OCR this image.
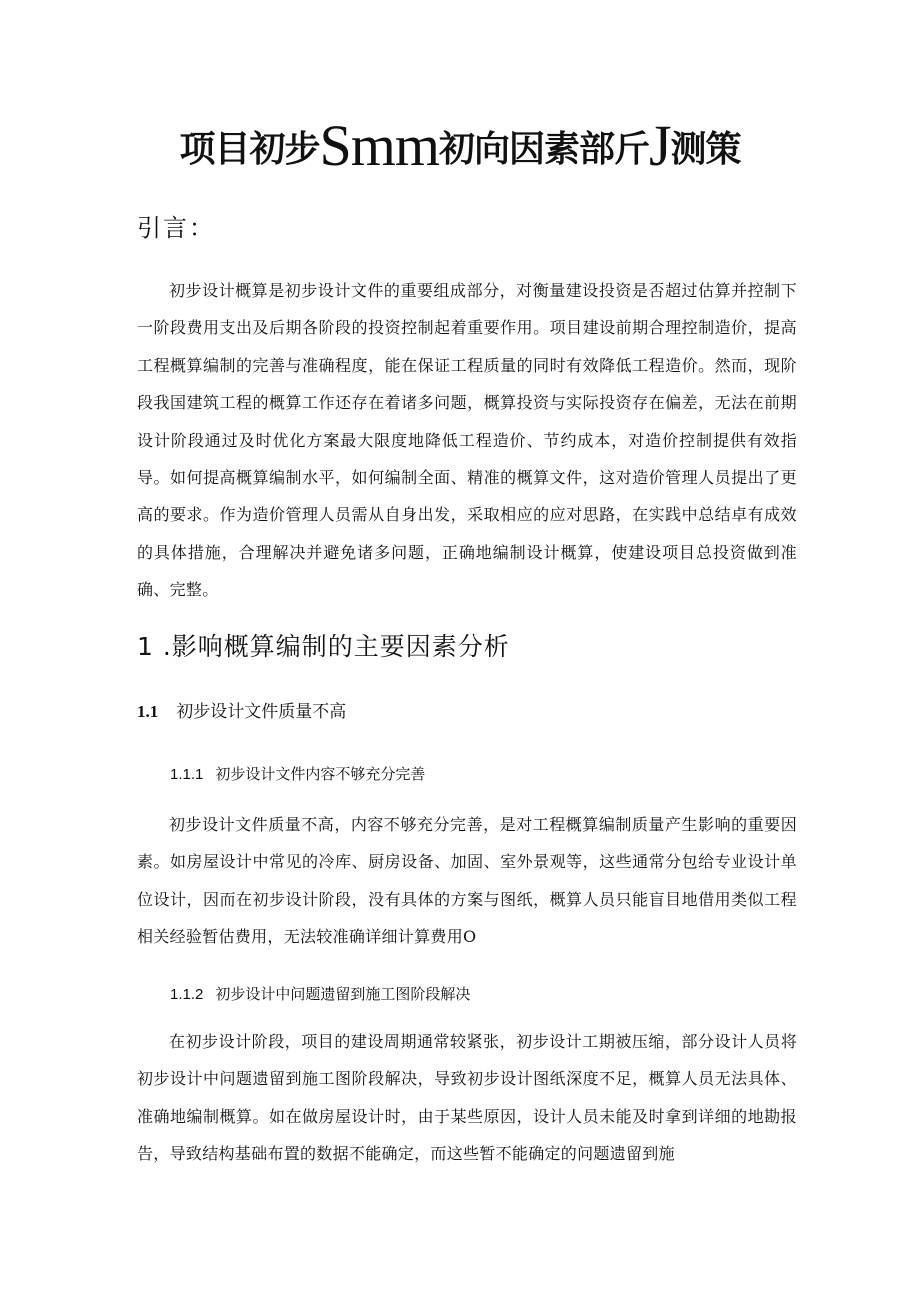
项目初步Smm初向因素部斤J测策
引言：

初步设计概算是初步设计文件的重要组成部分，对衡量建设投资是否超过估算并控制下一阶段费用支出及后期各阶段的投资控制起着重要作用。项目建设前期合理控制造价，提高工程概算编制的完善与准确程度，能在保证工程质量的同时有效降低工程造价。然而，现阶段我国建筑工程的概算工作还存在着诸多问题，概算投资与实际投资存在偏差，无法在前期设计阶段通过及时优化方案最大限度地降低工程造价、节约成本，对造价控制提供有效指导。如何提高概算编制水平，如何编制全面、精准的概算文件，这对造价管理人员提出了更高的要求。作为造价管理人员需从自身出发，采取相应的应对思路，在实践中总结卓有成效的具体措施，合理解决并避免诸多问题，正确地编制设计概算，使建设项目总投资做到准确、完整。

1 .影响概算编制的主要因素分析
1.1 初步设计文件质量不高
1.1.1 初步设计文件内容不够充分完善

初步设计文件质量不高，内容不够充分完善，是对工程概算编制质量产生影响的重要因素。如房屋设计中常见的冷库、厨房设备、加固、室外景观等，这些通常分包给专业设计单位设计，因而在初步设计阶段，没有具体的方案与图纸，概算人员只能盲目地借用类似工程相关经验暂估费用，无法较准确详细计算费用O

1.1.2 初步设计中问题遗留到施工图阶段解决

在初步设计阶段，项目的建设周期通常较紧张，初步设计工期被压缩，部分设计人员将初步设计中问题遗留到施工图阶段解决，导致初步设计图纸深度不足，概算人员无法具体、准确地编制概算。如在做房屋设计时，由于某些原因，设计人员未能及时拿到详细的地勘报告，导致结构基础布置的数据不能确定，而这些暂不能确定的问题遗留到施
